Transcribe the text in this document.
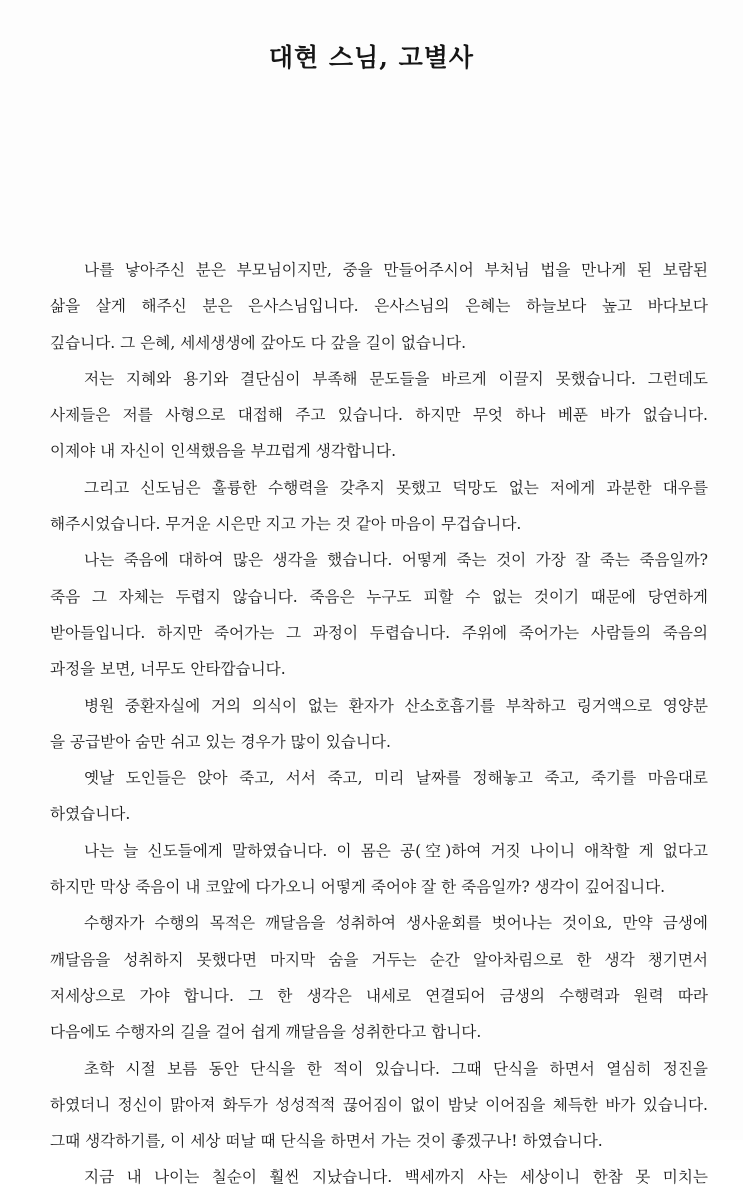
대현 스님, 고별사
나를 낳아주신 분은 부모님이지만, 중을 만들어주시어 부처님 법을 만나게 된 보람된
삶을 살게 해주신 분은 은사스님입니다. 은사스님의 은혜는 하늘보다 높고 바다보다
깊습니다. 그 은혜, 세세생생에 갚아도 다 갚을 길이 없습니다.
저는 지혜와 용기와 결단심이 부족해 문도들을 바르게 이끌지 못했습니다. 그런데도
사제들은 저를 사형으로 대접해 주고 있습니다. 하지만 무엇 하나 베푼 바가 없습니다.
이제야 내 자신이 인색했음을 부끄럽게 생각합니다.
그리고 신도님은 훌륭한 수행력을 갖추지 못했고 덕망도 없는 저에게 과분한 대우를
해주시었습니다. 무거운 시은만 지고 가는 것 같아 마음이 무겁습니다.
나는 죽음에 대하여 많은 생각을 했습니다. 어떻게 죽는 것이 가장 잘 죽는 죽음일까?
죽음 그 자체는 두렵지 않습니다. 죽음은 누구도 피할 수 없는 것이기 때문에 당연하게
받아들입니다. 하지만 죽어가는 그 과정이 두렵습니다. 주위에 죽어가는 사람들의 죽음의
과정을 보면, 너무도 안타깝습니다.
병원 중환자실에 거의 의식이 없는 환자가 산소호흡기를 부착하고 링거액으로 영양분
을 공급받아 숨만 쉬고 있는 경우가 많이 있습니다.
옛날 도인들은 앉아 죽고, 서서 죽고, 미리 날짜를 정해놓고 죽고, 죽기를 마음대로
하였습니다.
나는 늘 신도들에게 말하였습니다. 이 몸은 공(空)하여 거짓 나이니 애착할 게 없다고
하지만 막상 죽음이 내 코앞에 다가오니 어떻게 죽어야 잘 한 죽음일까? 생각이 깊어집니다.
수행자가 수행의 목적은 깨달음을 성취하여 생사윤회를 벗어나는 것이요, 만약 금생에
깨달음을 성취하지 못했다면 마지막 숨을 거두는 순간 알아차림으로 한 생각 챙기면서
저세상으로 가야 합니다. 그 한 생각은 내세로 연결되어 금생의 수행력과 원력 따라
다음에도 수행자의 길을 걸어 쉽게 깨달음을 성취한다고 합니다.
초학 시절 보름 동안 단식을 한 적이 있습니다. 그때 단식을 하면서 열심히 정진을
하였더니 정신이 맑아져 화두가 성성적적 끊어짐이 없이 밤낮 이어짐을 체득한 바가 있습니다.
그때 생각하기를, 이 세상 떠날 때 단식을 하면서 가는 것이 좋겠구나! 하였습니다.
지금 내 나이는 칠순이 훨씬 지났습니다. 백세까지 사는 세상이니 한참 못 미치는
